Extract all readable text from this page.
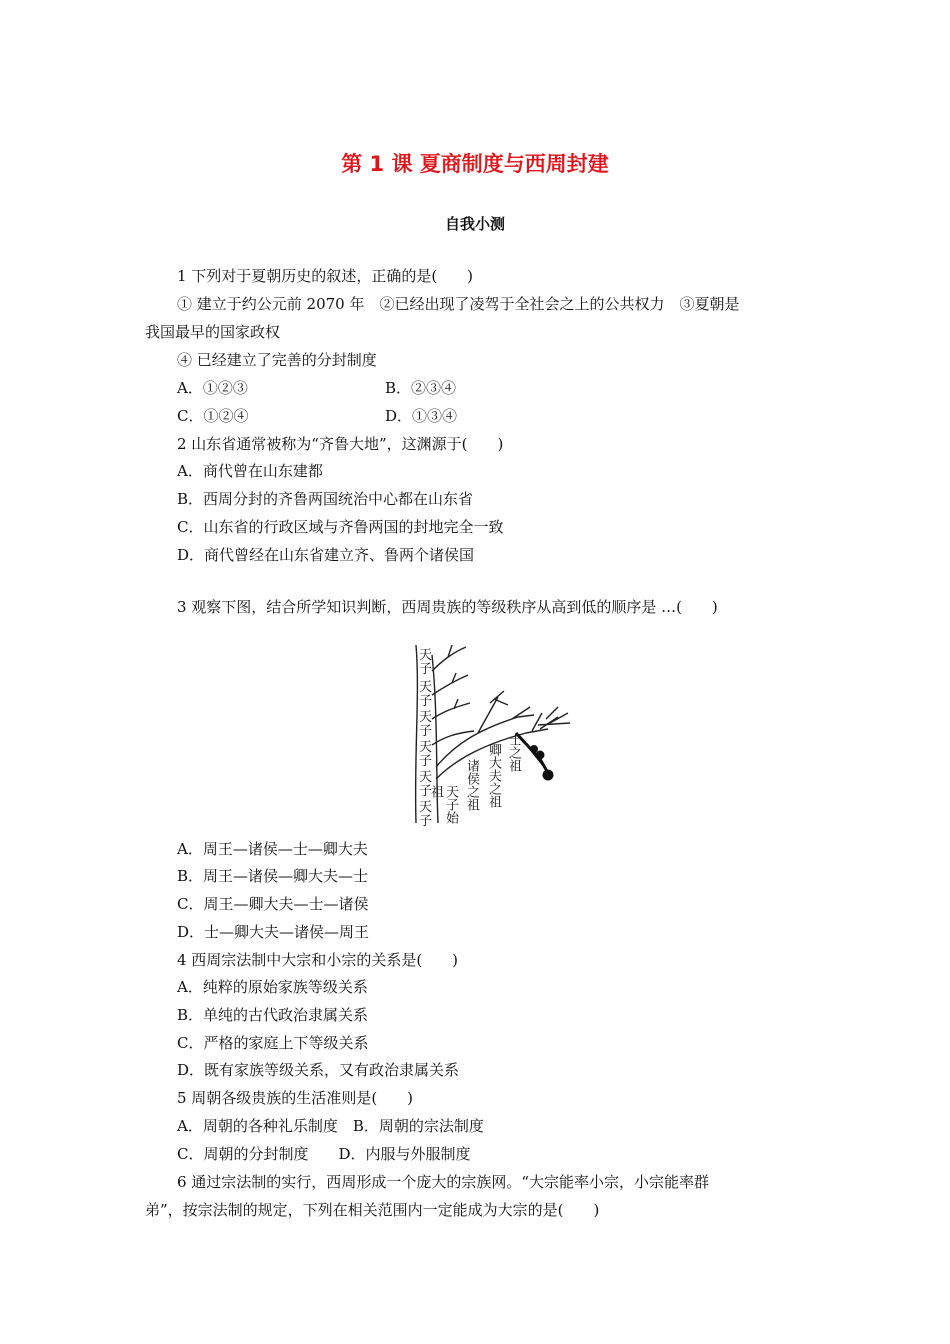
第 1 课 夏商制度与西周封建
自我小测
1 下列对于夏朝历史的叙述，正确的是(　　)
① 建立于约公元前 2070 年　②已经出现了凌驾于全社会之上的公共权力　③夏朝是
我国最早的国家政权
④ 已经建立了完善的分封制度
A．①②③	B．②③④
C．①②④	D．①③④
2 山东省通常被称为“齐鲁大地”，这渊源于(　　)
A．商代曾在山东建都
B．西周分封的齐鲁两国统治中心都在山东省
C．山东省的行政区域与齐鲁两国的封地完全一致
D．商代曾经在山东省建立齐、鲁两个诸侯国
3 观察下图，结合所学知识判断，西周贵族的等级秩序从高到低的顺序是 …(　　)
天子
天子
天子
天子
天子
天子 天子始祖	诸侯之祖 卿大夫之祖 士之祖
A．周王—诸侯—士—卿大夫
B．周王—诸侯—卿大夫—士
C．周王—卿大夫—士—诸侯
D．士—卿大夫—诸侯—周王
4 西周宗法制中大宗和小宗的关系是(　　)
A．纯粹的原始家族等级关系
B．单纯的古代政治隶属关系
C．严格的家庭上下等级关系
D．既有家族等级关系，又有政治隶属关系
5 周朝各级贵族的生活准则是(　　)
A．周朝的各种礼乐制度　B．周朝的宗法制度
C．周朝的分封制度　　D．内服与外服制度
6 通过宗法制的实行，西周形成一个庞大的宗族网。“大宗能率小宗，小宗能率群
弟”，按宗法制的规定，下列在相关范围内一定能成为大宗的是(　　)
